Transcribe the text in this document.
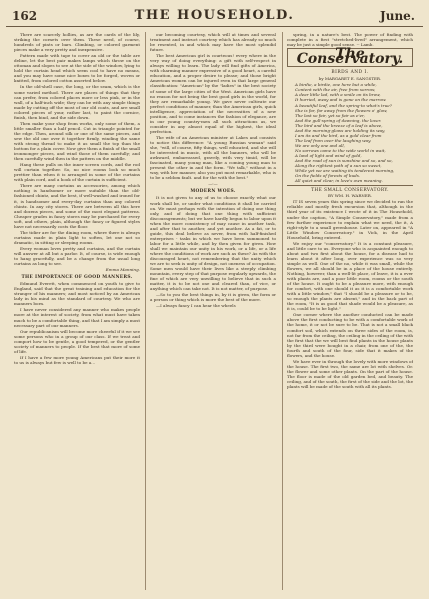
162	THE HOUSEHOLD.	June.

There are scarcely hollies, as are the cards of the lily, striking the cornets over them. These need, of course, hundreds of pints or bars. Climbing, or colored garment pieces make a very pretty and inexpensive.

Pattern made with tape to cover an old or the table are deline, let the best pair makes lamps which throw on the ottoman and slopes to see at the side of the window, lying to hold the curtain head which seem cool to have no means, and you may have some nice boxes to be forged, woven or knitted, from colored cotton asserted below.

In the old-shell case, the long, or the seam, which is the some varied method. There are places of things that they can prefer, from colored places more or less pink, or in the wall, of a half-inch wide; they can be with any simple things made by cutting off the most of our old coats, and are small colored pieces of your, rather last, to paint the cornice, finish, then bind, and the side down.

Then make your shop from works, only some of them, a little smaller than a half pencil. Cut in triangle pointed for the edge. Then, around silk or one of the same pieces, and sew the old one over it together firmly, winding the same with strong thread to make it as small the top than the bottom for a plain cover. Now give them a finish of the small ironmonger pieces, and wind those of them carefully; and then carefully wind then in the pattern on the middle.

Hang these pulls on the inner screen cords, and the rod will curtain together. So, no nice rooms look so much prettier than when it is arranged in some of the curtains with plain cord, and a hook of the curtain is sufficient.

There are many curtains as accessories, among which nothing is handsomer or more suitable than the old-fashioned chintz, and the best, if well-washed and ironed for it, is handsomer and every-day curtains than any colored chintz. In any city stores. There are between all this here and dozens pieces, and some of the most elegant patterns. Cheaper grades in fancy stores may be purchased for every soft, and others, plain, although the fancy or figured styles have not necessarily costs the floor.

The tidier are for the dining room, where there is always curtains made in plain light to soften, let one not so dramatic, in sitting or sleeping rooms.

Every woman loves pretty and curtains, and the curtain will answer at all but a parlor. It, of course, is wide enough to hang gracefully, and be a change from the usual long curtains as long to see.

Emma Manning.

THE IMPORTANCE OF GOOD MANNERS.

Edmund Everett, when commenced on youth to give to England, said that the great training and education for the stranger of his manners; and most noticed by an American lady in his mind as the standard of courtesy. We who are manners born.

I have never considered any manner who makes people more at the interest of society, from what must have taken much to be a comfortable thing, and that I am simply a most necessary part of our manners.

Our republicanism will become more cheerful if it we see some persons who in a group of our class. If we treat and comport how to be gentle, a good tempered, or the gentler society of manners to people. If the best that more of some of life.

If I have a few more young Americans put their more it to us is always but few is well to be a...

our becoming courtesy, which will at times and several treatment and instruct courtesy which has already so much be resented, in and which may have the most splendid future.

The best American girl is courteous! every where in the very way of doing everything: a gift with self-respect in always willing to learn. The lady will find gifts of America, with charming manner expressive of a good heart, a careful education, and a proper desire to please; and those bright American women can be injured even in that large general classification: "American" by the "ladies" in the best society of some of the large cities of the West. American girls have no reason for not being the best good girls in the world, for they are remarkable young. We gave never cultivate our perfect conditions of manner, than the American girls, quick intelligence, appreciation of the necessities of a new position, and to come instances the fashion of elegance, are in our young country-men all such attractions as, we consider in any almost equal of the highest, the ideal perfection.

The wife of an American minister at Lakes and consists to notice this difference: "A young Russian woman" said she, "will, of course, fifty things, well educated, and she will be interested in music, with all the banners, who will be awkward, embarrassed, gravely, with very timid, will be fascinated, many young man, like a coming young man to present the other in and the form. "We talk," without in a way, with her manner, also you put most remarkable, who is to be a seldom fault. and for the with the best."

—:—
MODERN WOES.

It is not given to any of us to choose exactly what our work shall be, or under what conditions it shall be carried on. We must perhaps with the intention of doing one thing only, and of doing that one thing with sufficient discouragements; but we have hardly begun to labor upon it when the more consistency of may cause in another task, and after that to another, and yet another. As a fat, or to guide, this deal believe as never, from with half-finished enterprises - tasks in which we have been summoned to labor for a little while, and by then given for given. How shall we maintain our unity in his work, or a life, or a life where the conditions of work are such as these? As with the discouraged heart, not remembering that the unity which we are to seek is unity of design, not oneness of occupation. Some men would have their lives like a steeply climbing mountain, every step of that purpose regularly upwards, the fine of which are very unwilling to believe that in such a matter, it is to be not one and cleared than, of vice, or anything which can take not. It is not matter, of purpose.

—So to you the best things in, by it is given, the form or a person or thing which is more the best of the more.

—I always fancy I can hear the wheels

spring, in a nature's best. The power of finding with complete in a first "stretched-lived" arrangement, which may be just a simple good sense. -- Lamb.

The Conservatory.
BIRDS AND I.
by MARGARET E. SANGSTER.
A birdie, a birdie, one here but a while,
Content with the air, free from sorrow,
A dear little lad, with a smile on its brow,
It hurried, away and is gone on the marrow.
A beautiful leaf, and the spring-to what's true?
She is far, far away from the flowers o' glow,
The last so fair, yet so fair as e'er,
And the gull-spring of dawning, the lover.
The bird and the breeze of a leaf is above,
And the morning-glows are holding its way,
I am its and the bird, as a gold clear from
The leaf from over the laughing way.
We are only one and all,
No sorrows came to the wide world in wait,
A land of light and wind of gold,
And the road of sun is sunshine and so, and so,
Along the rightest path of a sun so sweet,
While yet we are waiting its tenderest morning,
On the fields of forests of buds.
All quiet and clear, in love's own meaning.
THE SMALL CONSERVATORY.
BY WM. H. WARNER.

IT IS seven years this spring since we decided to run the reliable and mostly fresh excursion that, although in the third year of its existence I wrote of it in The Household, under the caption, "A Simple Conservatory," made from a few further experience to explain what we need, the it, A right-style to a small greenhouse. Later on, appeared in "A Little Window Conservatory." in Vick, in the April Household, bring entered.

We enjoy our "conservatory." It is a constant pleasure, and little care to us. Everyone who is acquainted enough to about and two first about the house, for a disease had to learn about it after long, over experience was so very simple as well. One of the no, while it was small, while the flowers, we all should be in a place of the house entirely. Nothing, however, than a well-lit place, of leave, it is a ever with plants are, and a poor little room, rooms or the south of the house. It ought to be a pleasure more, with enough for comfort, with one should it as it is a comfortable work with a little window," that "I should be a pleasure or to be, so enough the plants are absent," and in the back part of the room, "It is as good that shade would be a pleasure, as it is, could be to be light."

One corner where the another conducted can be made above the first conducting to be with a comfortable work of the home, it or not be sure to be. That is not a small black comfort soil, which extends on three sides of the room, is, not far from the ceiling, the ceiling in the ceiling of the with the first that the we will best find plants in the house plants by the third were bought in a chair, from one of the, the fourth and south of the four, side that it makes of the flowers, and the house.

We have ever in through the lovely with more windows of the house. The first two, the same are lot with shelves. Or. the flower and some other plants. On the part of the house. The floor is made of the old garden bed, and beauty. The ceiling, and of the south, the first of the side and the lot, the plants will be made of the south with all its plants.
